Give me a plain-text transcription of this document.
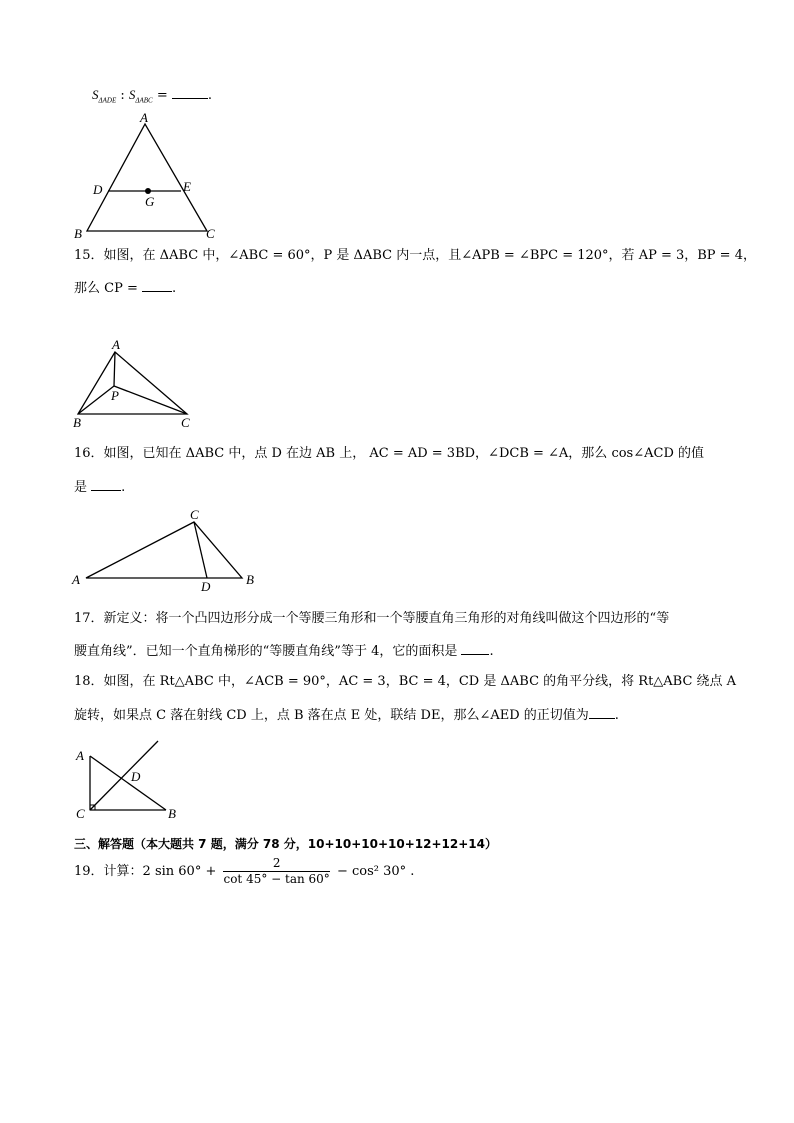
$S_{\Delta ADE}$ : $S_{\Delta ABC}$ =	.
A
B	C
D	E
G
15．如图，在 ΔABC 中，∠ABC = 60°，P 是 ΔABC 内一点，且∠APB = ∠BPC = 120°，若 AP = 3，BP = 4，
那么 CP = .
A
B	C
P
16．如图，已知在 ΔABC 中，点 D 在边 AB 上， AC = AD = 3BD，∠DCB = ∠A，那么 cos∠ACD 的值
是 .
A	B
C
D
17．新定义：将一个凸四边形分成一个等腰三角形和一个等腰直角三角形的对角线叫做这个四边形的“等
腰直角线”．已知一个直角梯形的“等腰直角线”等于 4，它的面积是 .
18．如图，在 Rt△ABC 中，∠ACB = 90°，AC = 3，BC = 4，CD 是 ΔABC 的角平分线，将 Rt△ABC 绕点 A
旋转，如果点 C 落在射线 CD 上，点 B 落在点 E 处，联结 DE，那么∠AED 的正切值为 .
A
B
C
D
三、解答题（本大题共 7 题，满分 78 分，10+10+10+10+12+12+14）
19．计算：2 $\sin 60^\circ + \frac{2}{\cot 45^\circ - \tan 60^\circ} - \cos^2$ 30° .
